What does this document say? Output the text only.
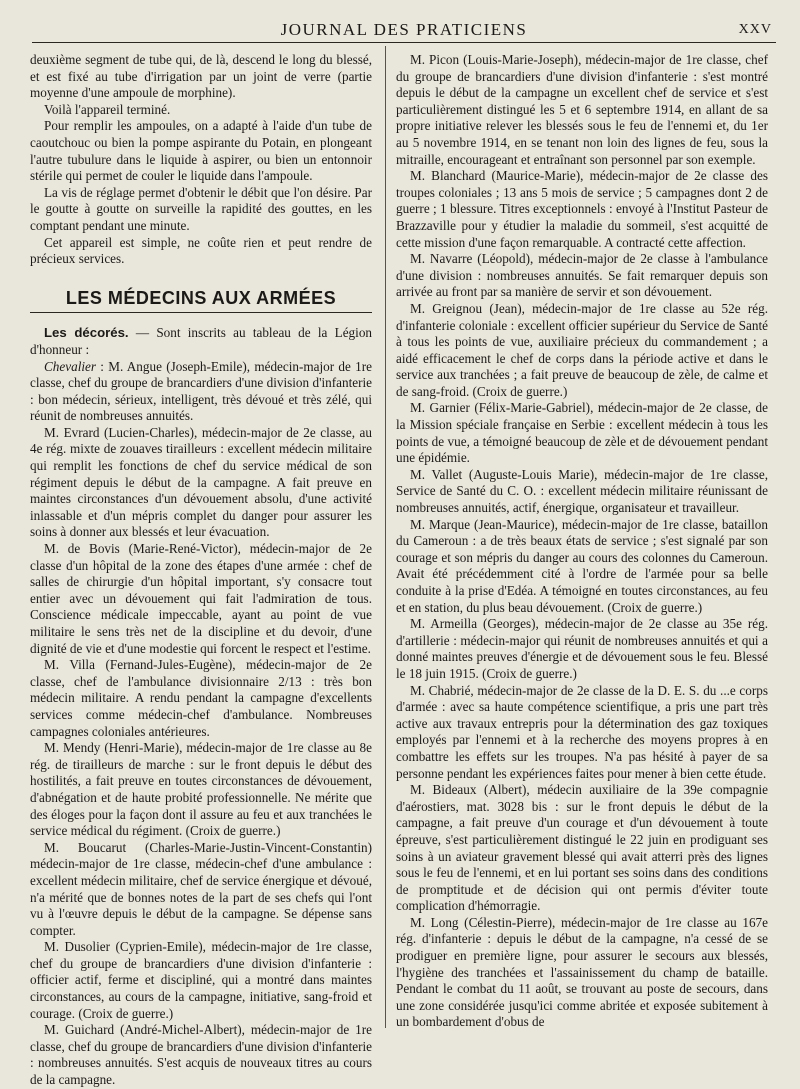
JOURNAL DES PRATICIENS	XXV

deuxième segment de tube qui, de là, descend le long du blessé, et est fixé au tube d'irrigation par un joint de verre (partie moyenne d'une ampoule de morphine).

Voilà l'appareil terminé.

Pour remplir les ampoules, on a adapté à l'aide d'un tube de caoutchouc ou bien la pompe aspirante du Potain, en plongeant l'autre tubulure dans le liquide à aspirer, ou bien un entonnoir stérile qui permet de couler le liquide dans l'ampoule.

La vis de réglage permet d'obtenir le débit que l'on désire. Par le goutte à goutte on surveille la rapidité des gouttes, en les comptant pendant une minute.

Cet appareil est simple, ne coûte rien et peut rendre de précieux services.

LES MÉDECINS AUX ARMÉES

Les décorés. — Sont inscrits au tableau de la Légion d'honneur :

Chevalier : M. Angue (Joseph-Emile), médecin-major de 1re classe, chef du groupe de brancardiers d'une division d'infanterie : bon médecin, sérieux, intelligent, très dévoué et très zélé, qui réunit de nombreuses annuités.

M. Evrard (Lucien-Charles), médecin-major de 2e classe, au 4e rég. mixte de zouaves tirailleurs : excellent médecin militaire qui remplit les fonctions de chef du service médical de son régiment depuis le début de la campagne. A fait preuve en maintes circonstances d'un dévouement absolu, d'une activité inlassable et d'un mépris complet du danger pour assurer les soins à donner aux blessés et leur évacuation.

M. de Bovis (Marie-René-Victor), médecin-major de 2e classe d'un hôpital de la zone des étapes d'une armée : chef de salles de chirurgie d'un hôpital important, s'y consacre tout entier avec un dévouement qui fait l'admiration de tous. Conscience médicale impeccable, ayant au point de vue militaire le sens très net de la discipline et du devoir, d'une dignité de vie et d'une modestie qui forcent le respect et l'estime.

M. Villa (Fernand-Jules-Eugène), médecin-major de 2e classe, chef de l'ambulance divisionnaire 2/13 : très bon médecin militaire. A rendu pendant la campagne d'excellents services comme médecin-chef d'ambulance. Nombreuses campagnes coloniales antérieures.

M. Mendy (Henri-Marie), médecin-major de 1re classe au 8e rég. de tirailleurs de marche : sur le front depuis le début des hostilités, a fait preuve en toutes circonstances de dévouement, d'abnégation et de haute probité professionnelle. Ne mérite que des éloges pour la façon dont il assure au feu et aux tranchées le service médical du régiment. (Croix de guerre.)

M. Boucarut (Charles-Marie-Justin-Vincent-Constantin) médecin-major de 1re classe, médecin-chef d'une ambulance : excellent médecin militaire, chef de service énergique et dévoué, n'a mérité que de bonnes notes de la part de ses chefs qui l'ont vu à l'œuvre depuis le début de la campagne. Se dépense sans compter.

M. Dusolier (Cyprien-Emile), médecin-major de 1re classe, chef du groupe de brancardiers d'une division d'infanterie : officier actif, ferme et discipliné, qui a montré dans maintes circonstances, au cours de la campagne, initiative, sang-froid et courage. (Croix de guerre.)

M. Guichard (André-Michel-Albert), médecin-major de 1re classe, chef du groupe de brancardiers d'une division d'infanterie : nombreuses annuités. S'est acquis de nouveaux titres au cours de la campagne.

M. Picon (Louis-Marie-Joseph), médecin-major de 1re classe, chef du groupe de brancardiers d'une division d'infanterie : s'est montré depuis le début de la campagne un excellent chef de service et s'est particulièrement distingué les 5 et 6 septembre 1914, en allant de sa propre initiative relever les blessés sous le feu de l'ennemi et, du 1er au 5 novembre 1914, en se tenant non loin des lignes de feu, sous la mitraille, encourageant et entraînant son personnel par son exemple.

M. Blanchard (Maurice-Marie), médecin-major de 2e classe des troupes coloniales ; 13 ans 5 mois de service ; 5 campagnes dont 2 de guerre ; 1 blessure. Titres exceptionnels : envoyé à l'Institut Pasteur de Brazzaville pour y étudier la maladie du sommeil, s'est acquitté de cette mission d'une façon remarquable. A contracté cette affection.

M. Navarre (Léopold), médecin-major de 2e classe à l'ambulance d'une division : nombreuses annuités. Se fait remarquer depuis son arrivée au front par sa manière de servir et son dévouement.

M. Greignou (Jean), médecin-major de 1re classe au 52e rég. d'infanterie coloniale : excellent officier supérieur du Service de Santé à tous les points de vue, auxiliaire précieux du commandement ; a aidé efficacement le chef de corps dans la période active et dans le service aux tranchées ; a fait preuve de beaucoup de zèle, de calme et de sang-froid. (Croix de guerre.)

M. Garnier (Félix-Marie-Gabriel), médecin-major de 2e classe, de la Mission spéciale française en Serbie : excellent médecin à tous les points de vue, a témoigné beaucoup de zèle et de dévouement pendant une épidémie.

M. Vallet (Auguste-Louis Marie), médecin-major de 1re classe, Service de Santé du C. O. : excellent médecin militaire réunissant de nombreuses annuités, actif, énergique, organisateur et travailleur.

M. Marque (Jean-Maurice), médecin-major de 1re classe, bataillon du Cameroun : a de très beaux états de service ; s'est signalé par son courage et son mépris du danger au cours des colonnes du Cameroun. Avait été précédemment cité à l'ordre de l'armée pour sa belle conduite à la prise d'Edéa. A témoigné en toutes circonstances, au feu et en station, du plus beau dévouement. (Croix de guerre.)

M. Armeilla (Georges), médecin-major de 2e classe au 35e rég. d'artillerie : médecin-major qui réunit de nombreuses annuités et qui a donné maintes preuves d'énergie et de dévouement sous le feu. Blessé le 18 juin 1915. (Croix de guerre.)

M. Chabrié, médecin-major de 2e classe de la D. E. S. du ...e corps d'armée : avec sa haute compétence scientifique, a pris une part très active aux travaux entrepris pour la détermination des gaz toxiques employés par l'ennemi et à la recherche des moyens propres à en combattre les effets sur les troupes. N'a pas hésité à payer de sa personne pendant les expériences faites pour mener à bien cette étude.

M. Bideaux (Albert), médecin auxiliaire de la 39e compagnie d'aérostiers, mat. 3028 bis : sur le front depuis le début de la campagne, a fait preuve d'un courage et d'un dévouement à toute épreuve, s'est particulièrement distingué le 22 juin en prodiguant ses soins à un aviateur gravement blessé qui avait atterri près des lignes sous le feu de l'ennemi, et en lui portant ses soins dans des conditions de promptitude et de décision qui ont permis d'éviter toute complication d'hémorragie.

M. Long (Célestin-Pierre), médecin-major de 1re classe au 167e rég. d'infanterie : depuis le début de la campagne, n'a cessé de se prodiguer en première ligne, pour assurer le secours aux blessés, l'hygiène des tranchées et l'assainissement du champ de bataille. Pendant le combat du 11 août, se trouvant au poste de secours, dans une zone considérée jusqu'ici comme abritée et exposée subitement à un bombardement d'obus de
